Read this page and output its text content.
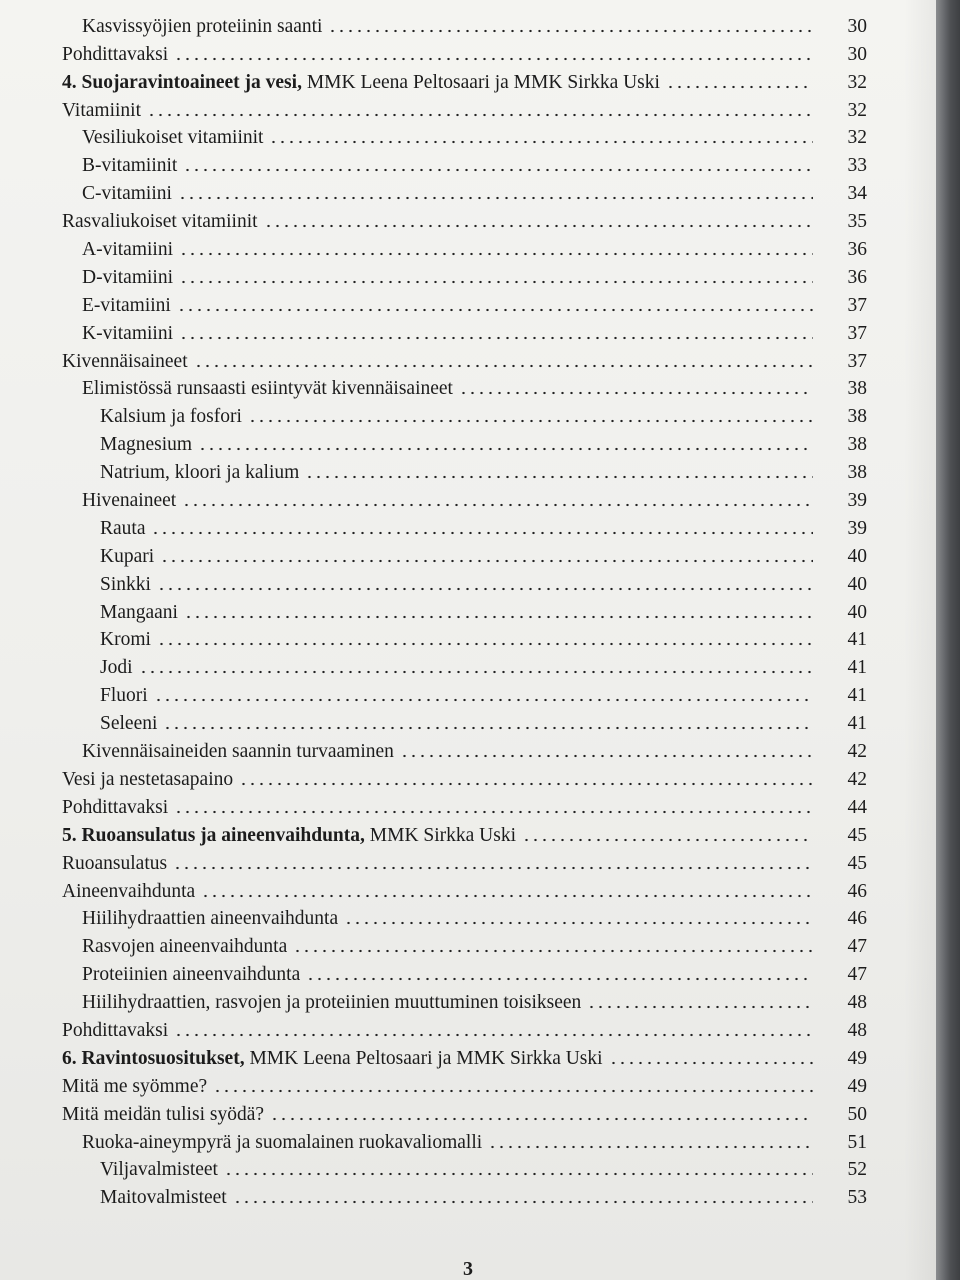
Kasvissyöjien proteiinin saanti	30
Pohdittavaksi	30
4. Suojaravintoaineet ja vesi, MMK Leena Peltosaari ja MMK Sirkka Uski	32
Vitamiinit	32
Vesiliukoiset vitamiinit	32
B-vitamiinit	33
C-vitamiini	34
Rasvaliukoiset vitamiinit	35
A-vitamiini	36
D-vitamiini	36
E-vitamiini	37
K-vitamiini	37
Kivennäisaineet	37
Elimistössä runsaasti esiintyvät kivennäisaineet	38
Kalsium ja fosfori	38
Magnesium	38
Natrium, kloori ja kalium	38
Hivenaineet	39
Rauta	39
Kupari	40
Sinkki	40
Mangaani	40
Kromi	41
Jodi	41
Fluori	41
Seleeni	41
Kivennäisaineiden saannin turvaaminen	42
Vesi ja nestetasapaino	42
Pohdittavaksi	44
5. Ruoansulatus ja aineenvaihdunta, MMK Sirkka Uski	45
Ruoansulatus	45
Aineenvaihdunta	46
Hiilihydraattien aineenvaihdunta	46
Rasvojen aineenvaihdunta	47
Proteiinien aineenvaihdunta	47
Hiilihydraattien, rasvojen ja proteiinien muuttuminen toisikseen	48
Pohdittavaksi	48
6. Ravintosuositukset, MMK Leena Peltosaari ja MMK Sirkka Uski	49
Mitä me syömme?	49
Mitä meidän tulisi syödä?	50
Ruoka-aineympyrä ja suomalainen ruokavaliomalli	51
Viljavalmisteet	52
Maitovalmisteet	53
3
